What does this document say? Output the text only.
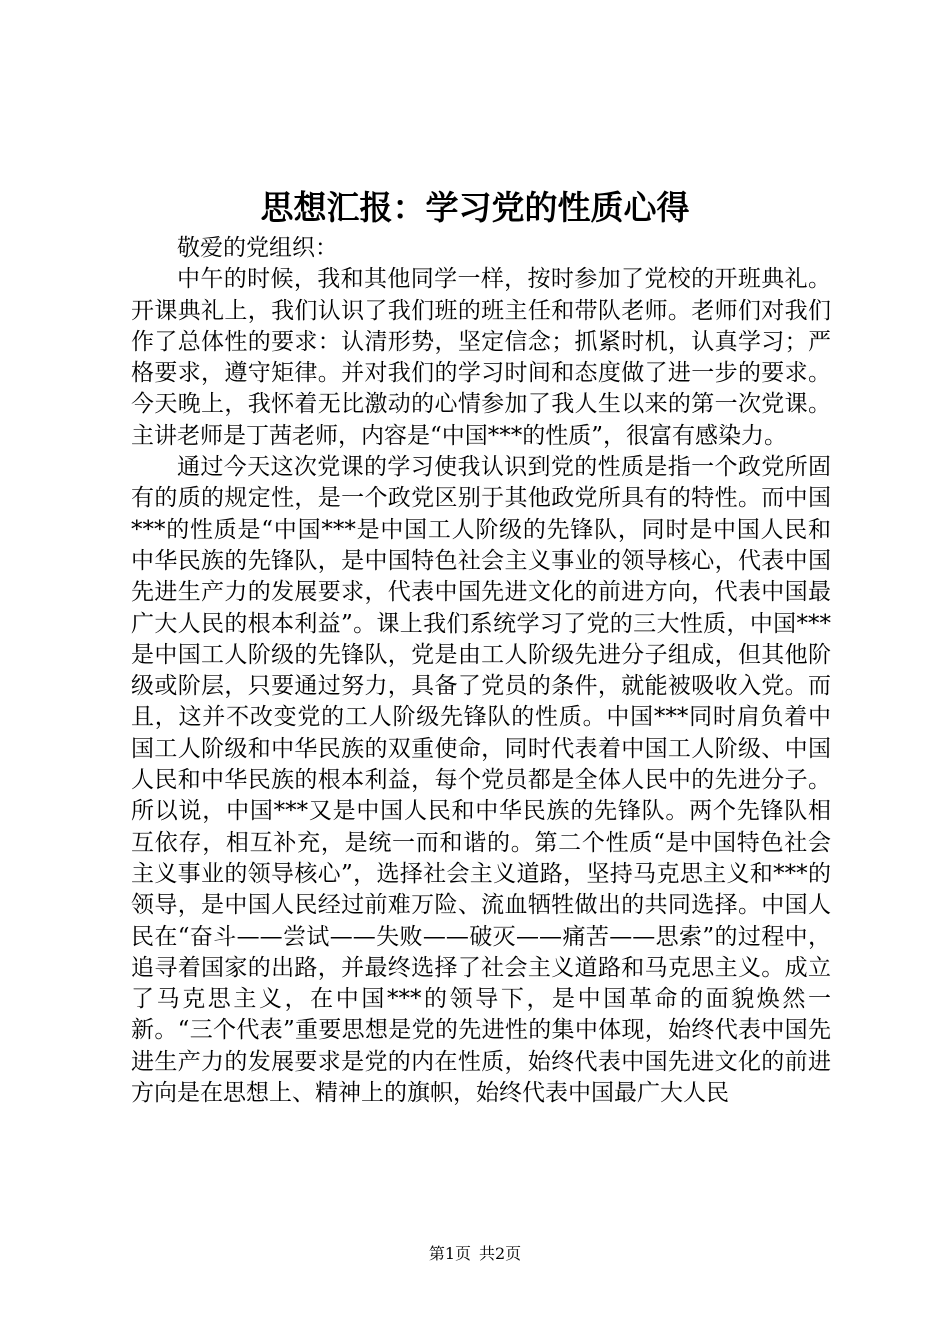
思想汇报：学习党的性质心得

敬爱的党组织：

中午的时候，我和其他同学一样，按时参加了党校的开班典礼。开课典礼上，我们认识了我们班的班主任和带队老师。老师们对我们作了总体性的要求：认清形势，坚定信念；抓紧时机，认真学习；严格要求，遵守矩律。并对我们的学习时间和态度做了进一步的要求。今天晚上，我怀着无比激动的心情参加了我人生以来的第一次党课。主讲老师是丁茜老师，内容是“中国***的性质”，很富有感染力。

通过今天这次党课的学习使我认识到党的性质是指一个政党所固有的质的规定性，是一个政党区别于其他政党所具有的特性。而中国***的性质是“中国***是中国工人阶级的先锋队，同时是中国人民和中华民族的先锋队，是中国特色社会主义事业的领导核心，代表中国先进生产力的发展要求，代表中国先进文化的前进方向，代表中国最广大人民的根本利益”。课上我们系统学习了党的三大性质，中国***是中国工人阶级的先锋队，党是由工人阶级先进分子组成，但其他阶级或阶层，只要通过努力，具备了党员的条件，就能被吸收入党。而且，这并不改变党的工人阶级先锋队的性质。中国***同时肩负着中国工人阶级和中华民族的双重使命，同时代表着中国工人阶级、中国人民和中华民族的根本利益，每个党员都是全体人民中的先进分子。所以说，中国***又是中国人民和中华民族的先锋队。两个先锋队相互依存，相互补充，是统一而和谐的。第二个性质“是中国特色社会主义事业的领导核心”，选择社会主义道路，坚持马克思主义和***的领导，是中国人民经过前难万险、流血牺牲做出的共同选择。中国人民在“奋斗——尝试——失败——破灭——痛苦——思索”的过程中，追寻着国家的出路，并最终选择了社会主义道路和马克思主义。成立了马克思主义，在中国***的领导下，是中国革命的面貌焕然一新。“三个代表”重要思想是党的先进性的集中体现，始终代表中国先进生产力的发展要求是党的内在性质，始终代表中国先进文化的前进方向是在思想上、精神上的旗帜，始终代表中国最广大人民

第1页 共2页
